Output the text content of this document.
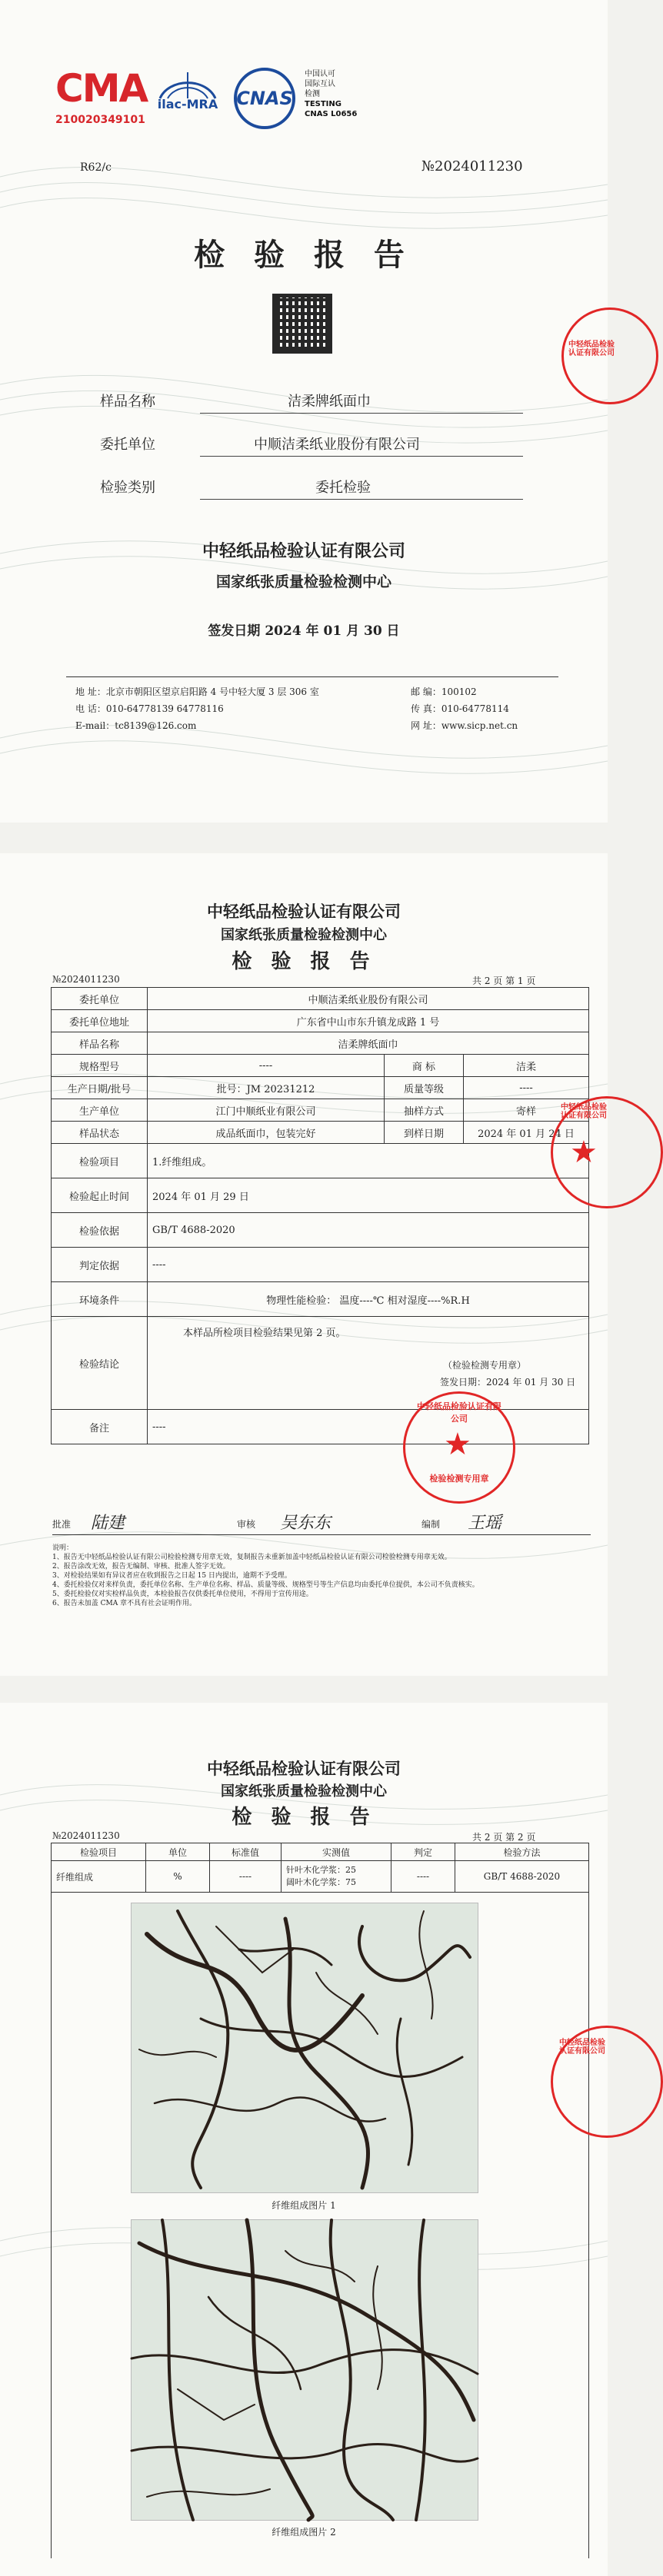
CMA
210020349101
ilac-MRA CNAS
中国认可
国际互认
检测
TESTING
CNAS L0656
R62/c	№2024011230
检 验 报 告
样品名称	洁柔牌纸面巾
委托单位	中顺洁柔纸业股份有限公司
检验类别	委托检验
中轻纸品检验认证有限公司
国家纸张质量检验检测中心
签发日期 2024 年 01 月 30 日
地 址：北京市朝阳区望京启阳路 4 号中轻大厦 3 层 306 室
电 话：010-64778139 64778116
E-mail：tc8139@126.com
邮 编：100102
传 真：010-64778114
网 址：www.sicp.net.cn
中轻纸品检验认证有限公司
中轻纸品检验认证有限公司
国家纸张质量检验检测中心
检 验 报 告
№2024011230	共 2 页 第 1 页
委托单位	中顺洁柔纸业股份有限公司		
委托单位地址	广东省中山市东升镇龙成路 1 号		
样品名称	洁柔牌纸面巾		
规格型号	----	商 标	洁柔
生产日期/批号	批号：JM 20231212	质量等级	----
生产单位	江门中顺纸业有限公司	抽样方式	寄样
样品状态	成品纸面巾，包装完好	到样日期	2024 年 01 月 24 日
检验项目	1.纤维组成。		
检验起止时间	2024 年 01 月 29 日		
检验依据	GB/T 4688-2020		
判定依据	----		
环境条件	物理性能检验： 温度----℃ 相对湿度----%R.H		
检验结论	本样品所检项目检验结果见第 2 页。
（检验检测专用章）
签发日期：2024 年 01 月 30 日		

备注	----		
批准 陆建	审核 吴东东	编制 王瑶
说明：
1、报告无中轻纸品检验认证有限公司检验检测专用章无效，复制报告未重新加盖中轻纸品检验认证有限公司检验检测专用章无效。
2、报告涂改无效，报告无编制、审核、批准人签字无效。
3、对检验结果如有异议者应在收到报告之日起 15 日内提出，逾期不予受理。
4、委托检验仅对来样负责，委托单位名称、生产单位名称、样品、质量等级、规格型号等生产信息均由委托单位提供，本公司不负责核实。
5、委托检验仅对实检样品负责，本检验报告仅供委托单位使用，不得用于宣传用途。
6、报告未加盖 CMA 章不具有社会证明作用。
★
中轻纸品检验认证有限公司
★
中轻纸品检验认证有限公司
检验检测专用章
中轻纸品检验认证有限公司
国家纸张质量检验检测中心
检 验 报 告
№2024011230	共 2 页 第 2 页
检验项目	单位	标准值	实测值	判定	检验方法
纤维组成	%	----	针叶木化学浆：25
阔叶木化学浆：75	----	GB/T 4688-2020

纤维组成图片 1
纤维组成图片 2
中轻纸品检验认证有限公司
